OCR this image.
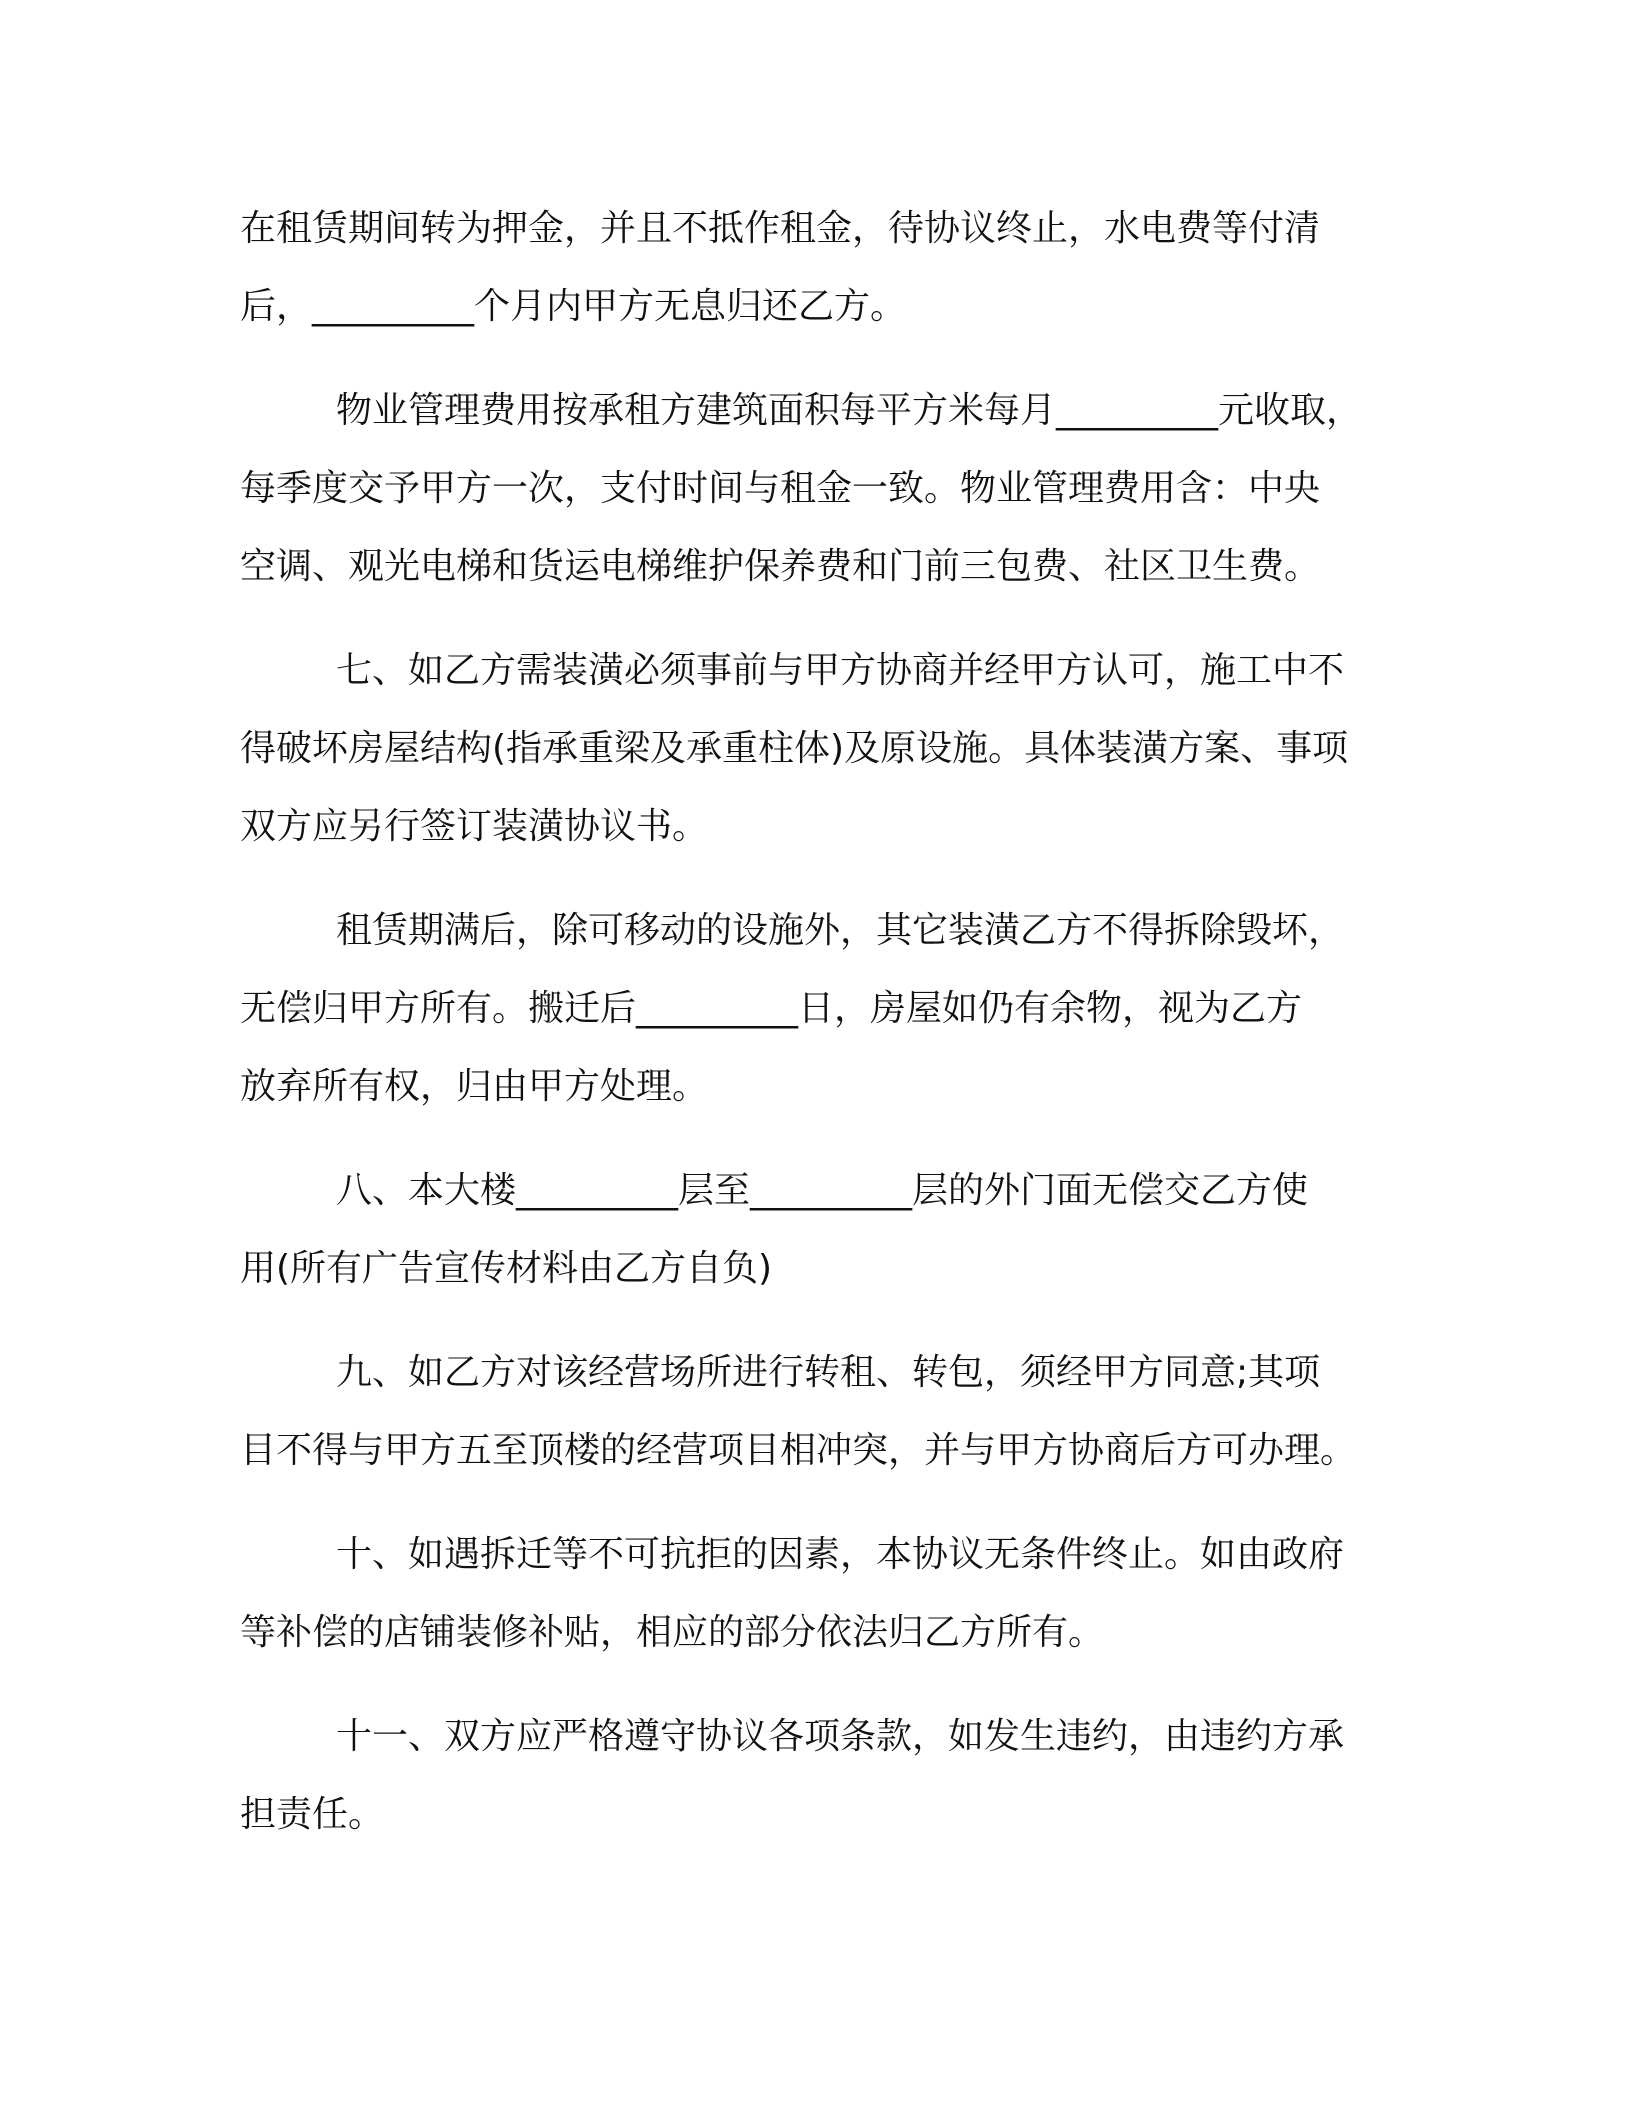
在租赁期间转为押金，并且不抵作租金，待协议终止，水电费等付清
后，_________个月内甲方无息归还乙方。
物业管理费用按承租方建筑面积每平方米每月_________元收取，
每季度交予甲方一次，支付时间与租金一致。物业管理费用含：中央
空调、观光电梯和货运电梯维护保养费和门前三包费、社区卫生费。
七、如乙方需装潢必须事前与甲方协商并经甲方认可，施工中不
得破坏房屋结构(指承重梁及承重柱体)及原设施。具体装潢方案、事项
双方应另行签订装潢协议书。
租赁期满后，除可移动的设施外，其它装潢乙方不得拆除毁坏，
无偿归甲方所有。搬迁后_________日，房屋如仍有余物，视为乙方
放弃所有权，归由甲方处理。
八、本大楼_________层至_________层的外门面无偿交乙方使
用(所有广告宣传材料由乙方自负)
九、如乙方对该经营场所进行转租、转包，须经甲方同意;其项
目不得与甲方五至顶楼的经营项目相冲突，并与甲方协商后方可办理。
十、如遇拆迁等不可抗拒的因素，本协议无条件终止。如由政府
等补偿的店铺装修补贴，相应的部分依法归乙方所有。
十一、双方应严格遵守协议各项条款，如发生违约，由违约方承
担责任。
